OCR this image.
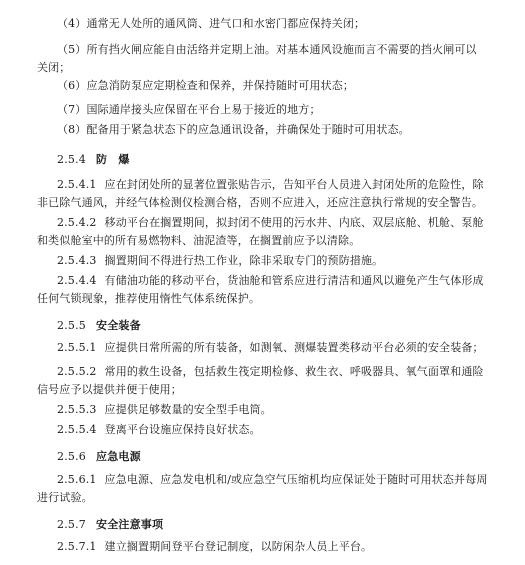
（4）通常无人处所的通风筒、进气口和水密门都应保持关闭；
（5）所有挡火闸应能自由活络并定期上油。对基本通风设施而言不需要的挡火闸可以
关闭；
（6）应急消防泵应定期检查和保养，并保持随时可用状态；
（7）国际通岸接头应保留在平台上易于接近的地方；
（8）配备用于紧急状态下的应急通讯设备，并确保处于随时可用状态。
2.5.4 防　爆
2.5.4.1 应在封闭处所的显著位置张贴告示，告知平台人员进入封闭处所的危险性，除
非已除气通风，并经气体检测仪检测合格，否则不应进入，还应注意执行常规的安全警告。
2.5.4.2 移动平台在搁置期间，拟封闭不使用的污水井、内底、双层底舱、机舱、泵舱
和类似舱室中的所有易燃物料、油泥渣等，在搁置前应予以清除。
2.5.4.3 搁置期间不得进行热工作业，除非采取专门的预防措施。
2.5.4.4 有储油功能的移动平台，货油舱和管系应进行清洁和通风以避免产生气体形成
任何气锁现象，推荐使用惰性气体系统保护。
2.5.5 安全装备
2.5.5.1 应提供日常所需的所有装备，如测氧、测爆装置类移动平台必须的安全装备；
2.5.5.2 常用的救生设备，包括救生筏定期检修、救生衣、呼吸器具、氧气面罩和通险
信号应予以提供并便于使用；
2.5.5.3 应提供足够数量的安全型手电筒。
2.5.5.4 登离平台设施应保持良好状态。
2.5.6 应急电源
2.5.6.1 应急电源、应急发电机和/或应急空气压缩机均应保证处于随时可用状态并每周
进行试验。
2.5.7 安全注意事项
2.5.7.1 建立搁置期间登平台登记制度，以防闲杂人员上平台。
